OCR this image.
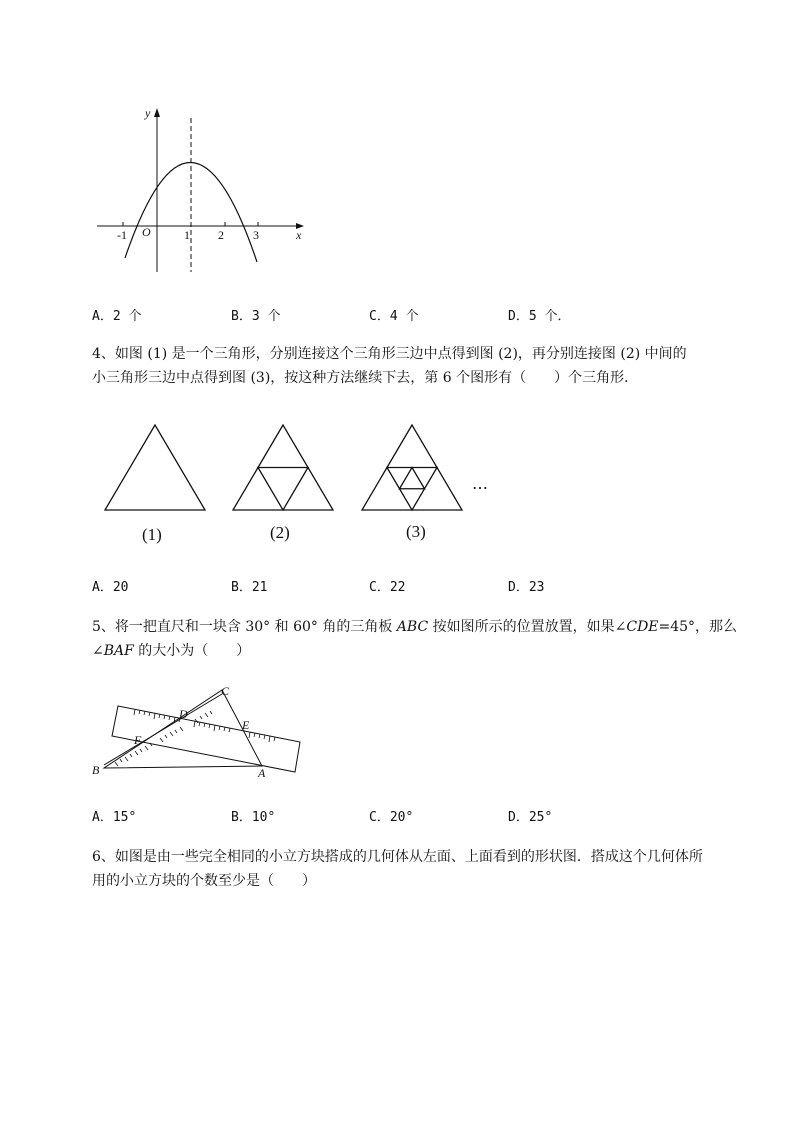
y
x
O
-1	1 2 3
A．2 个	B．3 个	C．4 个	D．5 个．
4、如图 (1) 是一个三角形，分别连接这个三角形三边中点得到图 (2)，再分别连接图 (2) 中间的
小三角形三边中点得到图 (3)，按这种方法继续下去，第 6 个图形有（　　）个三角形．
…
(1)	(2)	(3)
A．20	B．21	C．22	D．23
5、将一把直尺和一块含 30° 和 60° 角的三角板 ABC 按如图所示的位置放置，如果∠CDE=45°，那么
∠BAF 的大小为（　　）
C
D
E
F
B	A
A．15°	B．10°	C．20°	D．25°
6、如图是由一些完全相同的小立方块搭成的几何体从左面、上面看到的形状图．搭成这个几何体所
用的小立方块的个数至少是（　　）
